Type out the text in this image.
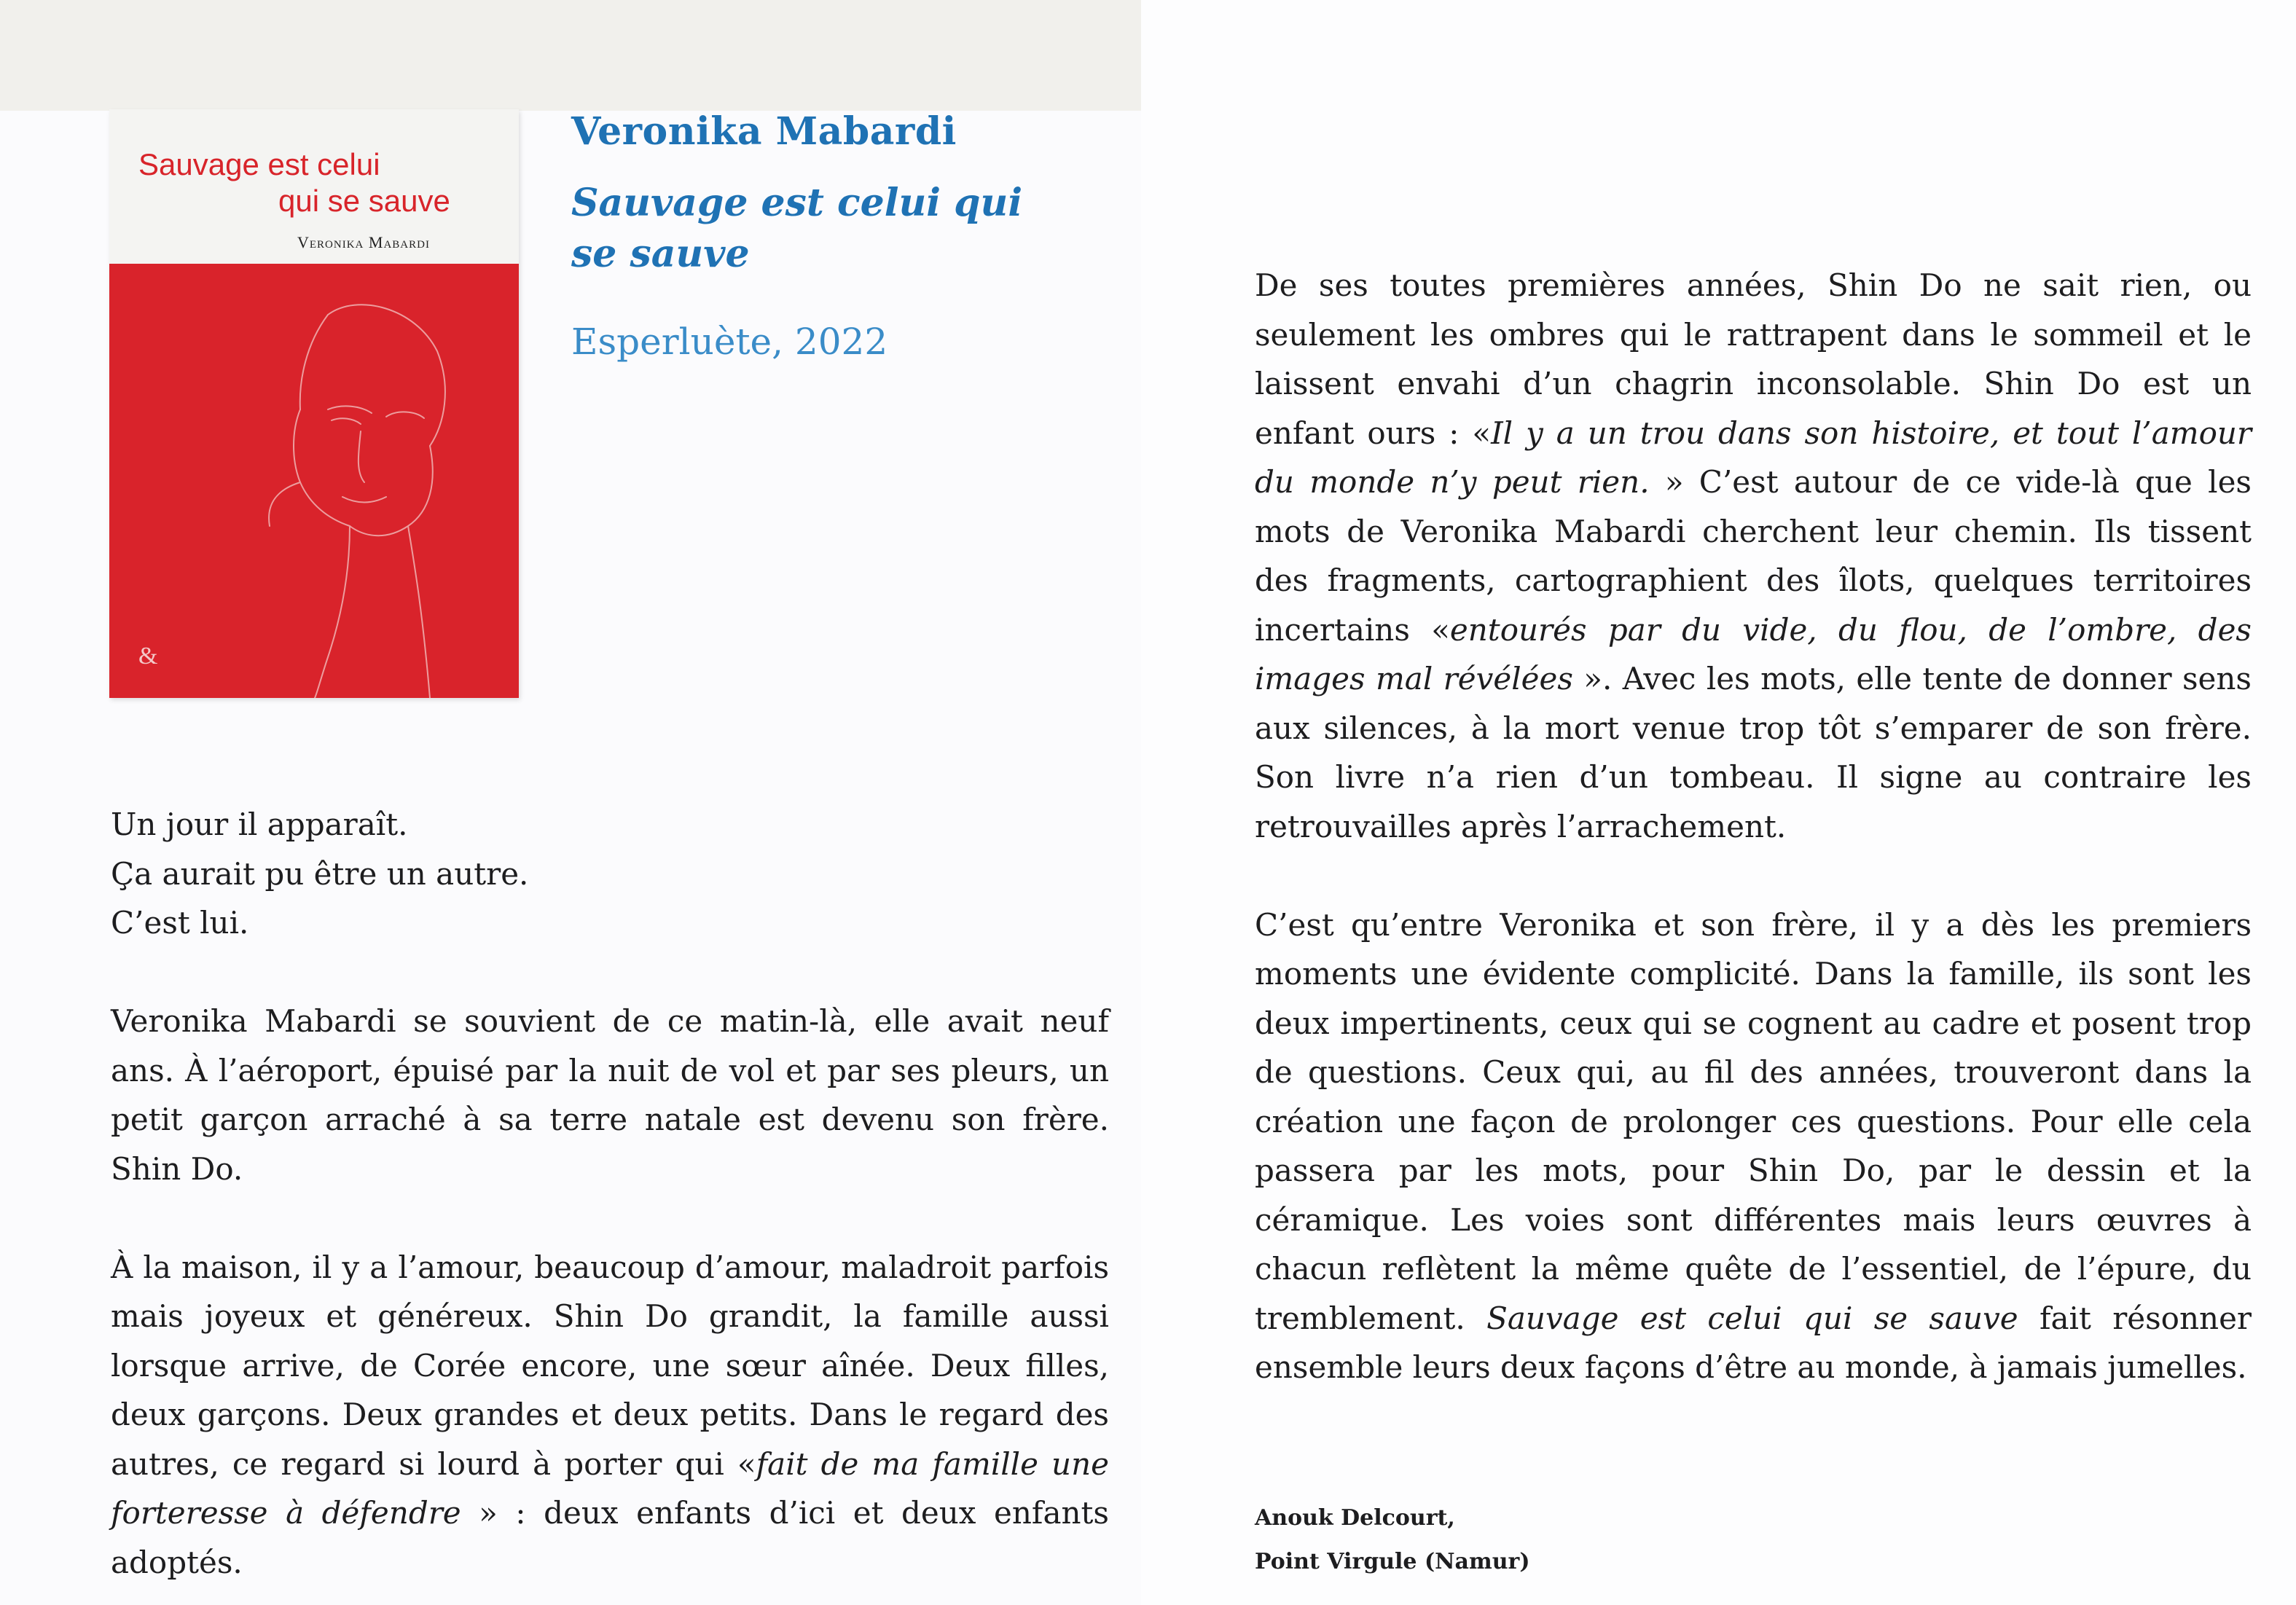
Sauvage est celui
qui se sauve
Veronika Mabardi
&
Veronika Mabardi
Sauvage est celui qui se sauve
Esperluète, 2022

Un jour il apparaît.
Ça aurait pu être un autre.
C’est lui.

Veronika Mabardi se souvient de ce matin-là, elle avait neuf ans. À l’aéroport, épuisé par la nuit de vol et par ses pleurs, un petit garçon arraché à sa terre natale est devenu son frère. Shin Do.

À la maison, il y a l’amour, beaucoup d’amour, maladroit parfois mais joyeux et généreux. Shin Do grandit, la famille aussi lorsque arrive, de Corée encore, une sœur aînée. Deux filles, deux garçons. Deux grandes et deux petits. Dans le regard des autres, ce regard si lourd à porter qui «fait de ma famille une forteresse à défendre » : deux enfants d’ici et deux enfants adoptés.

De ses toutes premières années, Shin Do ne sait rien, ou seulement les ombres qui le rattrapent dans le sommeil et le laissent envahi d’un chagrin inconsolable. Shin Do est un enfant ours : «Il y a un trou dans son histoire, et tout l’amour du monde n’y peut rien. » C’est autour de ce vide-là que les mots de Veronika Mabardi cherchent leur chemin. Ils tissent des fragments, cartographient des îlots, quelques territoires incertains «entourés par du vide, du flou, de l’ombre, des images mal révélées ». Avec les mots, elle tente de donner sens aux silences, à la mort venue trop tôt s’emparer de son frère. Son livre n’a rien d’un tombeau. Il signe au contraire les retrouvailles après l’arrachement.

C’est qu’entre Veronika et son frère, il y a dès les premiers moments une évidente complicité. Dans la famille, ils sont les deux impertinents, ceux qui se cognent au cadre et posent trop de questions. Ceux qui, au fil des années, trouveront dans la création une façon de prolonger ces questions. Pour elle cela passera par les mots, pour Shin Do, par le dessin et la céramique. Les voies sont différentes mais leurs œuvres à chacun reflètent la même quête de l’essentiel, de l’épure, du tremblement. Sauvage est celui qui se sauve fait résonner ensemble leurs deux façons d’être au monde, à jamais jumelles.

Anouk Delcourt,
Point Virgule (Namur)
